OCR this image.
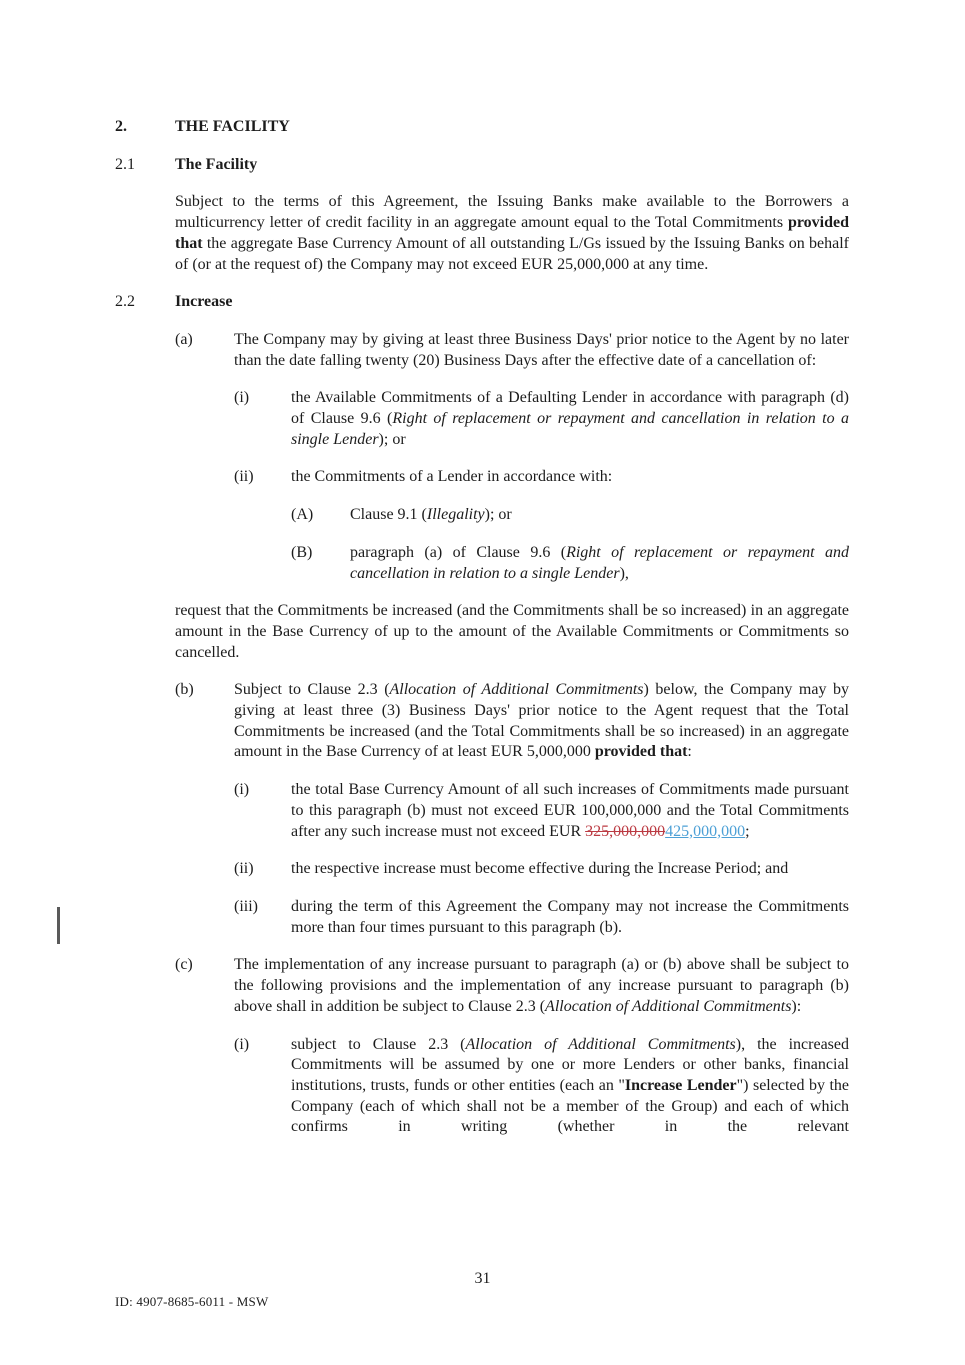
2.	THE FACILITY

2.1	The Facility

Subject to the terms of this Agreement, the Issuing Banks make available to the Borrowers a multicurrency letter of credit facility in an aggregate amount equal to the Total Commitments provided that the aggregate Base Currency Amount of all outstanding L/Gs issued by the Issuing Banks on behalf of (or at the request of) the Company may not exceed EUR 25,000,000 at any time.

2.2	Increase

(a)	The Company may by giving at least three Business Days' prior notice to the Agent by no later than the date falling twenty (20) Business Days after the effective date of a cancellation of:

(i)	the Available Commitments of a Defaulting Lender in accordance with paragraph (d) of Clause 9.6 (Right of replacement or repayment and cancellation in relation to a single Lender); or

(ii)	the Commitments of a Lender in accordance with:

(A)	Clause 9.1 (Illegality); or

(B)	paragraph (a) of Clause 9.6 (Right of replacement or repayment and cancellation in relation to a single Lender),

request that the Commitments be increased (and the Commitments shall be so increased) in an aggregate amount in the Base Currency of up to the amount of the Available Commitments or Commitments so cancelled.

(b)	Subject to Clause 2.3 (Allocation of Additional Commitments) below, the Company may by giving at least three (3) Business Days' prior notice to the Agent request that the Total Commitments be increased (and the Total Commitments shall be so increased) in an aggregate amount in the Base Currency of at least EUR 5,000,000 provided that:

(i)	the total Base Currency Amount of all such increases of Commitments made pursuant to this paragraph (b) must not exceed EUR 100,000,000 and the Total Commitments after any such increase must not exceed EUR 325,000,000425,000,000;

(ii)	the respective increase must become effective during the Increase Period; and

(iii)	during the term of this Agreement the Company may not increase the Commitments more than four times pursuant to this paragraph (b).

(c)	The implementation of any increase pursuant to paragraph (a) or (b) above shall be subject to the following provisions and the implementation of any increase pursuant to paragraph (b) above shall in addition be subject to Clause 2.3 (Allocation of Additional Commitments):

(i)	subject to Clause 2.3 (Allocation of Additional Commitments), the increased Commitments will be assumed by one or more Lenders or other banks, financial institutions, trusts, funds or other entities (each an "Increase Lender") selected by the Company (each of which shall not be a member of the Group) and each of which confirms in writing (whether in the relevant

31
ID: 4907-8685-6011 - MSW
